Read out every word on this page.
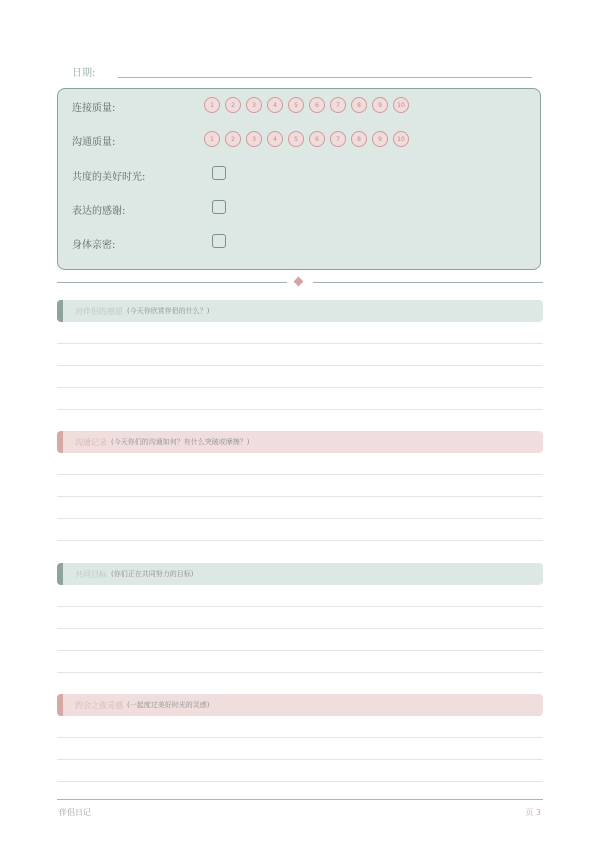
日期:
连接质量:	1	2	3	4	5	6	7	8	9	10
沟通质量:	1	2	3	4	5	6	7	8	9	10
共度的美好时光:
表达的感谢:
身体亲密:
对伴侣的感恩 (今天你欣赏伴侣的什么？)
沟通记录 (今天你们的沟通如何？有什么突破或摩擦？)
共同目标 (你们正在共同努力的目标)
约会之夜灵感 (一起度过美好时光的灵感)
伴侣日记	页 3
